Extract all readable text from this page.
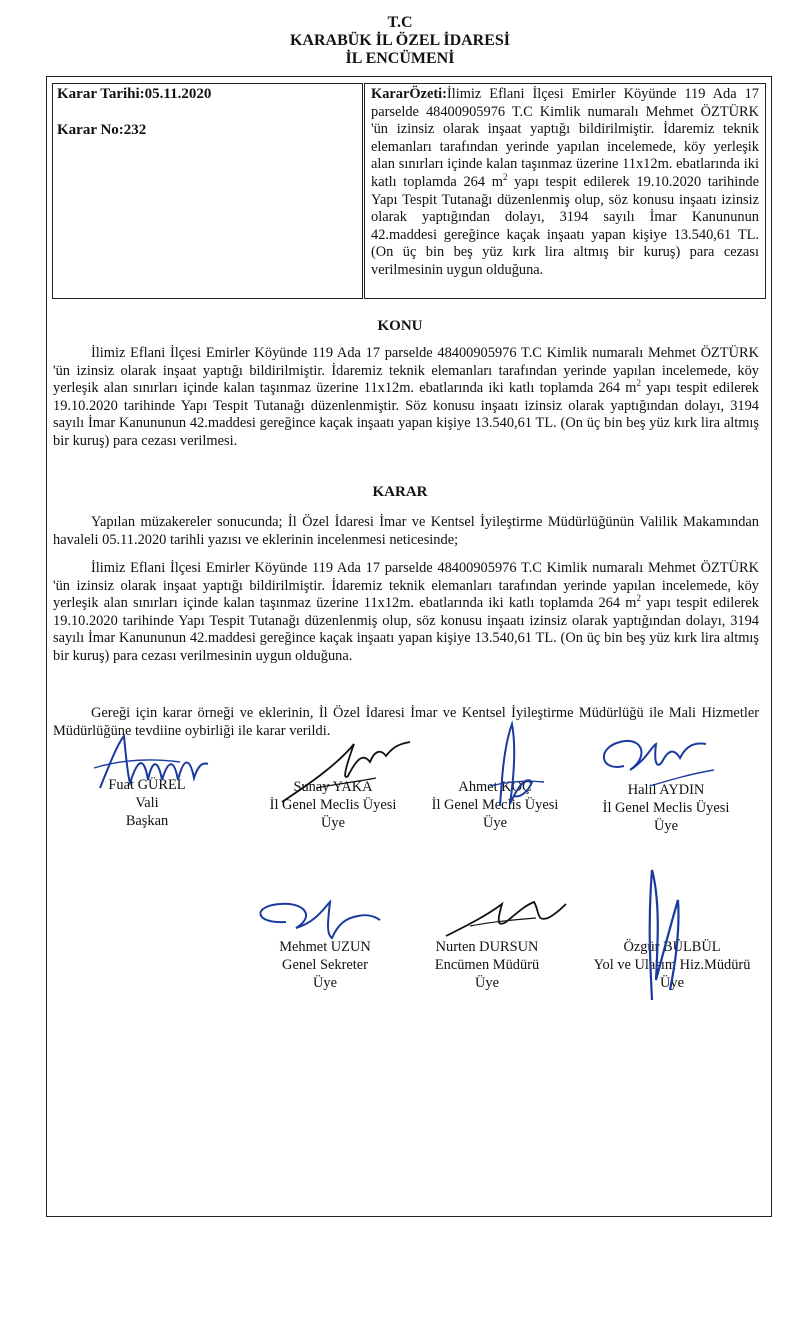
T.C
KARABÜK İL ÖZEL İDARESİ
İL ENCÜMENİ
Karar Tarihi:05.11.2020
Karar No:232
KararÖzeti:İlimiz Eflani İlçesi Emirler Köyünde 119 Ada 17 parselde 48400905976 T.C Kimlik numaralı Mehmet ÖZTÜRK 'ün izinsiz olarak inşaat yaptığı bildirilmiştir. İdaremiz teknik elemanları tarafından yerinde yapılan incelemede, köy yerleşik alan sınırları içinde kalan taşınmaz üzerine 11x12m. ebatlarında iki katlı toplamda 264 $m^2$ yapı tespit edilerek 19.10.2020 tarihinde Yapı Tespit Tutanağı düzenlenmiş olup, söz konusu inşaatı izinsiz olarak yaptığından dolayı, 3194 sayılı İmar Kanununun 42.maddesi gereğince kaçak inşaatı yapan kişiye 13.540,61 TL. (On üç bin beş yüz kırk lira altmış bir kuruş) para cezası verilmesinin uygun olduğuna.
KONU
İlimiz Eflani İlçesi Emirler Köyünde 119 Ada 17 parselde 48400905976 T.C Kimlik numaralı Mehmet ÖZTÜRK 'ün izinsiz olarak inşaat yaptığı bildirilmiştir. İdaremiz teknik elemanları tarafından yerinde yapılan incelemede, köy yerleşik alan sınırları içinde kalan taşınmaz üzerine 11x12m. ebatlarında iki katlı toplamda 264 $m^2$ yapı tespit edilerek 19.10.2020 tarihinde Yapı Tespit Tutanağı düzenlenmiştir. Söz konusu inşaatı izinsiz olarak yaptığından dolayı, 3194 sayılı İmar Kanununun 42.maddesi gereğince kaçak inşaatı yapan kişiye 13.540,61 TL. (On üç bin beş yüz kırk lira altmış bir kuruş) para cezası verilmesi.
KARAR
Yapılan müzakereler sonucunda; İl Özel İdaresi İmar ve Kentsel İyileştirme Müdürlüğünün Valilik Makamından havaleli 05.11.2020 tarihli yazısı ve eklerinin incelenmesi neticesinde;
İlimiz Eflani İlçesi Emirler Köyünde 119 Ada 17 parselde 48400905976 T.C Kimlik numaralı Mehmet ÖZTÜRK 'ün izinsiz olarak inşaat yaptığı bildirilmiştir. İdaremiz teknik elemanları tarafından yerinde yapılan incelemede, köy yerleşik alan sınırları içinde kalan taşınmaz üzerine 11x12m. ebatlarında iki katlı toplamda 264 $m^2$ yapı tespit edilerek 19.10.2020 tarihinde Yapı Tespit Tutanağı düzenlenmiş olup, söz konusu inşaatı izinsiz olarak yaptığından dolayı, 3194 sayılı İmar Kanununun 42.maddesi gereğince kaçak inşaatı yapan kişiye 13.540,61 TL. (On üç bin beş yüz kırk lira altmış bir kuruş) para cezası verilmesinin uygun olduğuna.
Gereği için karar örneği ve eklerinin, İl Özel İdaresi İmar ve Kentsel İyileştirme Müdürlüğü ile Mali Hizmetler Müdürlüğüne tevdiine oybirliği ile karar verildi.
Fuat GÜREL
Vali
Başkan
Sunay YAKA
İl Genel Meclis Üyesi
Üye
Ahmet KOÇ
İl Genel Meclis Üyesi
Üye
Halil AYDIN
İl Genel Meclis Üyesi
Üye
Mehmet UZUN
Genel Sekreter
Üye
Nurten DURSUN
Encümen Müdürü
Üye
Özgür BÜLBÜL
Yol ve Ulaşım Hiz.Müdürü
Üye
